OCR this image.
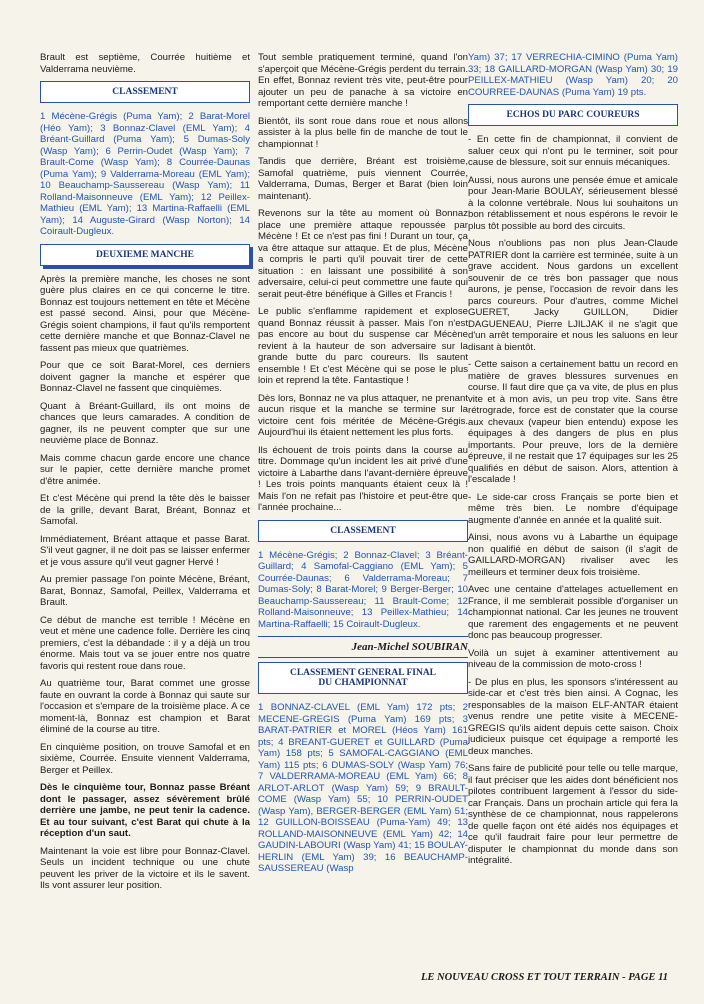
Brault est septième, Courrée huitième et Valderrama neuvième.

CLASSEMENT

1 Mécène-Grégis (Puma Yam); 2 Barat-Morel (Héo Yam); 3 Bonnaz-Clavel (EML Yam); 4 Bréant-Guillard (Puma Yam); 5 Dumas-Soly (Wasp Yam); 6 Perrin-Oudet (Wasp Yam); 7 Brault-Come (Wasp Yam); 8 Courrée-Daunas (Puma Yam); 9 Valderrama-Moreau (EML Yam); 10 Beauchamp-Saussereau (Wasp Yam); 11 Rolland-Maisonneuve (EML Yam); 12 Peillex-Mathieu (EML Yam); 13 Martina-Raffaelli (EML Yam); 14 Auguste-Girard (Wasp Norton); 14 Coirault-Dugleux.

DEUXIEME MANCHE

Après la première manche, les choses ne sont guère plus claires en ce qui concerne le titre. Bonnaz est toujours nettement en tête et Mécène est passé second. Ainsi, pour que Mécène-Grégis soient champions, il faut qu'ils remportent cette dernière manche et que Bonnaz-Clavel ne fassent pas mieux que quatrièmes.

Pour que ce soit Barat-Morel, ces derniers doivent gagner la manche et espérer que Bonnaz-Clavel ne fassent que cinquièmes.

Quant à Bréant-Guillard, ils ont moins de chances que leurs camarades. A condition de gagner, ils ne peuvent compter que sur une neuvième place de Bonnaz.

Mais comme chacun garde encore une chance sur le papier, cette dernière manche promet d'être animée.

Et c'est Mécène qui prend la tête dès le baisser de la grille, devant Barat, Bréant, Bonnaz et Samofal.

Immédiatement, Bréant attaque et passe Barat. S'il veut gagner, il ne doit pas se laisser enfermer et je vous assure qu'il veut gagner Hervé !

Au premier passage l'on pointe Mécène, Bréant, Barat, Bonnaz, Samofal, Peillex, Valderrama et Brault.

Ce début de manche est terrible ! Mécène en veut et mène une cadence folle. Derrière les cinq premiers, c'est la débandade : il y a déjà un trou énorme. Mais tout va se jouer entre nos quatre favoris qui restent roue dans roue.

Au quatrième tour, Barat commet une grosse faute en ouvrant la corde à Bonnaz qui saute sur l'occasion et s'empare de la troisième place. A ce moment-là, Bonnaz est champion et Barat éliminé de la course au titre.

En cinquième position, on trouve Samofal et en sixième, Courrée. Ensuite viennent Valderrama, Berger et Peillex.

Dès le cinquième tour, Bonnaz passe Bréant dont le passager, assez sévèrement brûlé derrière une jambe, ne peut tenir la cadence. Et au tour suivant, c'est Barat qui chute à la réception d'un saut.

Maintenant la voie est libre pour Bonnaz-Clavel. Seuls un incident technique ou une chute peuvent les priver de la victoire et ils le savent. Ils vont assurer leur position.

Tout semble pratiquement terminé, quand l'on s'aperçoit que Mécène-Grégis perdent du terrain. En effet, Bonnaz revient très vite, peut-être pour ajouter un peu de panache à sa victoire en remportant cette dernière manche !

Bientôt, ils sont roue dans roue et nous allons assister à la plus belle fin de manche de tout le championnat !

Tandis que derrière, Bréant est troisième, Samofal quatrième, puis viennent Courrée, Valderrama, Dumas, Berger et Barat (bien loin maintenant).

Revenons sur la tête au moment où Bonnaz place une première attaque repoussée par Mécène ! Et ce n'est pas fini ! Durant un tour, ça va être attaque sur attaque. Et de plus, Mécène a compris le parti qu'il pouvait tirer de cette situation : en laissant une possibilité à son adversaire, celui-ci peut commettre une faute qui serait peut-être bénéfique à Gilles et Francis !

Le public s'enflamme rapidement et explose quand Bonnaz réussit à passer. Mais l'on n'est pas encore au bout du suspense car Mécène revient à la hauteur de son adversaire sur la grande butte du parc coureurs. Ils sautent ensemble ! Et c'est Mécène qui se pose le plus loin et reprend la tête. Fantastique !

Dès lors, Bonnaz ne va plus attaquer, ne prenant aucun risque et la manche se termine sur la victoire cent fois méritée de Mécène-Grégis. Aujourd'hui ils étaient nettement les plus forts.

Ils échouent de trois points dans la course au titre. Dommage qu'un incident les ait privé d'une victoire à Labarthe dans l'avant-dernière épreuve ! Les trois points manquants étaient ceux là ! Mais l'on ne refait pas l'histoire et peut-être que l'année prochaine...

CLASSEMENT

1 Mécène-Grégis; 2 Bonnaz-Clavel; 3 Bréant-Guillard; 4 Samofal-Caggiano (EML Yam); 5 Courrée-Daunas; 6 Valderrama-Moreau; 7 Dumas-Soly; 8 Barat-Morel; 9 Berger-Berger; 10 Beauchamp-Saussereau; 11 Brault-Come; 12 Rolland-Maisonneuve; 13 Peillex-Mathieu; 14 Martina-Raffaelli; 15 Coirault-Dugleux.

Jean-Michel SOUBIRAN
CLASSEMENT GENERAL FINAL
DU CHAMPIONNAT

1 BONNAZ-CLAVEL (EML Yam) 172 pts; 2 MECENE-GREGIS (Puma Yam) 169 pts; 3 BARAT-PATRIER et MOREL (Héos Yam) 161 pts; 4 BREANT-GUERET et GUILLARD (Puma Yam) 158 pts; 5 SAMOFAL-CAGGIANO (EML Yam) 115 pts; 6 DUMAS-SOLY (Wasp Yam) 76; 7 VALDERRAMA-MOREAU (EML Yam) 66; 8 ARLOT-ARLOT (Wasp Yam) 59; 9 BRAULT-COME (Wasp Yam) 55; 10 PERRIN-OUDET (Wasp Yam), BERGER-BERGER (EML Yam) 51; 12 GUILLON-BOISSEAU (Puma-Yam) 49; 13 ROLLAND-MAISONNEUVE (EML Yam) 42; 14 GAUDIN-LABOURI (Wasp Yam) 41; 15 BOULAY-HERLIN (EML Yam) 39; 16 BEAUCHAMP-SAUSSEREAU (Wasp

Yam) 37; 17 VERRECHIA-CIMINO (Puma Yam) 33; 18 GAILLARD-MORGAN (Wasp Yam) 30; 19 PEILLEX-MATHIEU (Wasp Yam) 20; 20 COURREE-DAUNAS (Puma Yam) 19 pts.

ECHOS DU PARC COUREURS

- En cette fin de championnat, il convient de saluer ceux qui n'ont pu le terminer, soit pour cause de blessure, soit sur ennuis mécaniques.

Aussi, nous aurons une pensée émue et amicale pour Jean-Marie BOULAY, sérieusement blessé à la colonne vertébrale. Nous lui souhaitons un bon rétablissement et nous espérons le revoir le plus tôt possible au bord des circuits.

Nous n'oublions pas non plus Jean-Claude PATRIER dont la carrière est terminée, suite à un grave accident. Nous gardons un excellent souvenir de ce très bon passager que nous aurons, je pense, l'occasion de revoir dans les parcs coureurs. Pour d'autres, comme Michel GUERET, Jacky GUILLON, Didier DAGUENEAU, Pierre LJILJAK il ne s'agit que d'un arrêt temporaire et nous les saluons en leur disant à bientôt.

- Cette saison a certainement battu un record en matière de graves blessures survenues en course. Il faut dire que ça va vite, de plus en plus vite et à mon avis, un peu trop vite. Sans être rétrograde, force est de constater que la course aux chevaux (vapeur bien entendu) expose les équipages à des dangers de plus en plus importants. Pour preuve, lors de la dernière épreuve, il ne restait que 17 équipages sur les 25 qualifiés en début de saison. Alors, attention à l'escalade !

- Le side-car cross Français se porte bien et même très bien. Le nombre d'équipage augmente d'année en année et la qualité suit.

Ainsi, nous avons vu à Labarthe un équipage non qualifié en début de saison (il s'agit de GAILLARD-MORGAN) rivaliser avec les meilleurs et terminer deux fois troisième.

Avec une centaine d'attelages actuellement en France, il me semblerait possible d'organiser un championnat national. Car les jeunes ne trouvent que rarement des engagements et ne peuvent donc pas beaucoup progresser.

Voilà un sujet à examiner attentivement au niveau de la commission de moto-cross !

- De plus en plus, les sponsors s'intéressent au side-car et c'est très bien ainsi. A Cognac, les responsables de la maison ELF-ANTAR étaient venus rendre une petite visite à MECENE-GREGIS qu'ils aident depuis cette saison. Choix judicieux puisque cet équipage a remporté les deux manches.

Sans faire de publicité pour telle ou telle marque, il faut préciser que les aides dont bénéficient nos pilotes contribuent largement à l'essor du side-car Français. Dans un prochain article qui fera la synthèse de ce championnat, nous rappelerons de quelle façon ont été aidés nos équipages et ce qu'il faudrait faire pour leur permettre de disputer le championnat du monde dans son intégralité.

LE NOUVEAU CROSS ET TOUT TERRAIN - PAGE 11
